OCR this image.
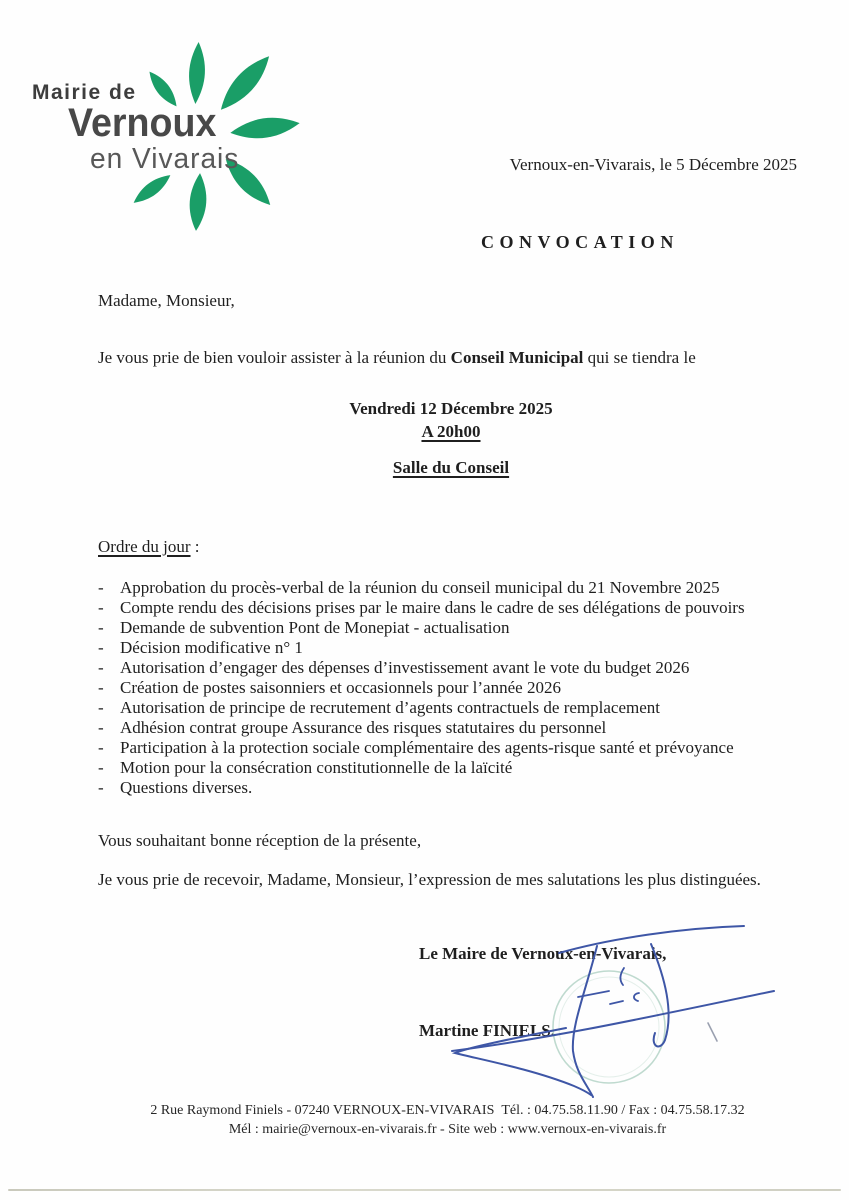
Mairie de
Vernoux
en Vivarais	Vernoux-en-Vivarais, le 5 Décembre 2025
CONVOCATION
Madame, Monsieur,
Je vous prie de bien vouloir assister à la réunion du Conseil Municipal qui se tiendra le
Vendredi 12 Décembre 2025
A 20h00
Salle du Conseil
Ordre du jour :
- Approbation du procès-verbal de la réunion du conseil municipal du 21 Novembre 2025
- Compte rendu des décisions prises par le maire dans le cadre de ses délégations de pouvoirs
- Demande de subvention Pont de Monepiat - actualisation
- Décision modificative n° 1
- Autorisation d’engager des dépenses d’investissement avant le vote du budget 2026
- Création de postes saisonniers et occasionnels pour l’année 2026
- Autorisation de principe de recrutement d’agents contractuels de remplacement
- Adhésion contrat groupe Assurance des risques statutaires du personnel
- Participation à la protection sociale complémentaire des agents-risque santé et prévoyance
- Motion pour la consécration constitutionnelle de la laïcité
- Questions diverses.
Vous souhaitant bonne réception de la présente,
Je vous prie de recevoir, Madame, Monsieur, l’expression de mes salutations les plus distinguées.
Le Maire de Vernoux-en-Vivarais,
Martine FINIELS.
2 Rue Raymond Finiels - 07240 VERNOUX-EN-VIVARAIS  Tél. : 04.75.58.11.90 / Fax : 04.75.58.17.32
Mél : mairie@vernoux-en-vivarais.fr - Site web : www.vernoux-en-vivarais.fr
